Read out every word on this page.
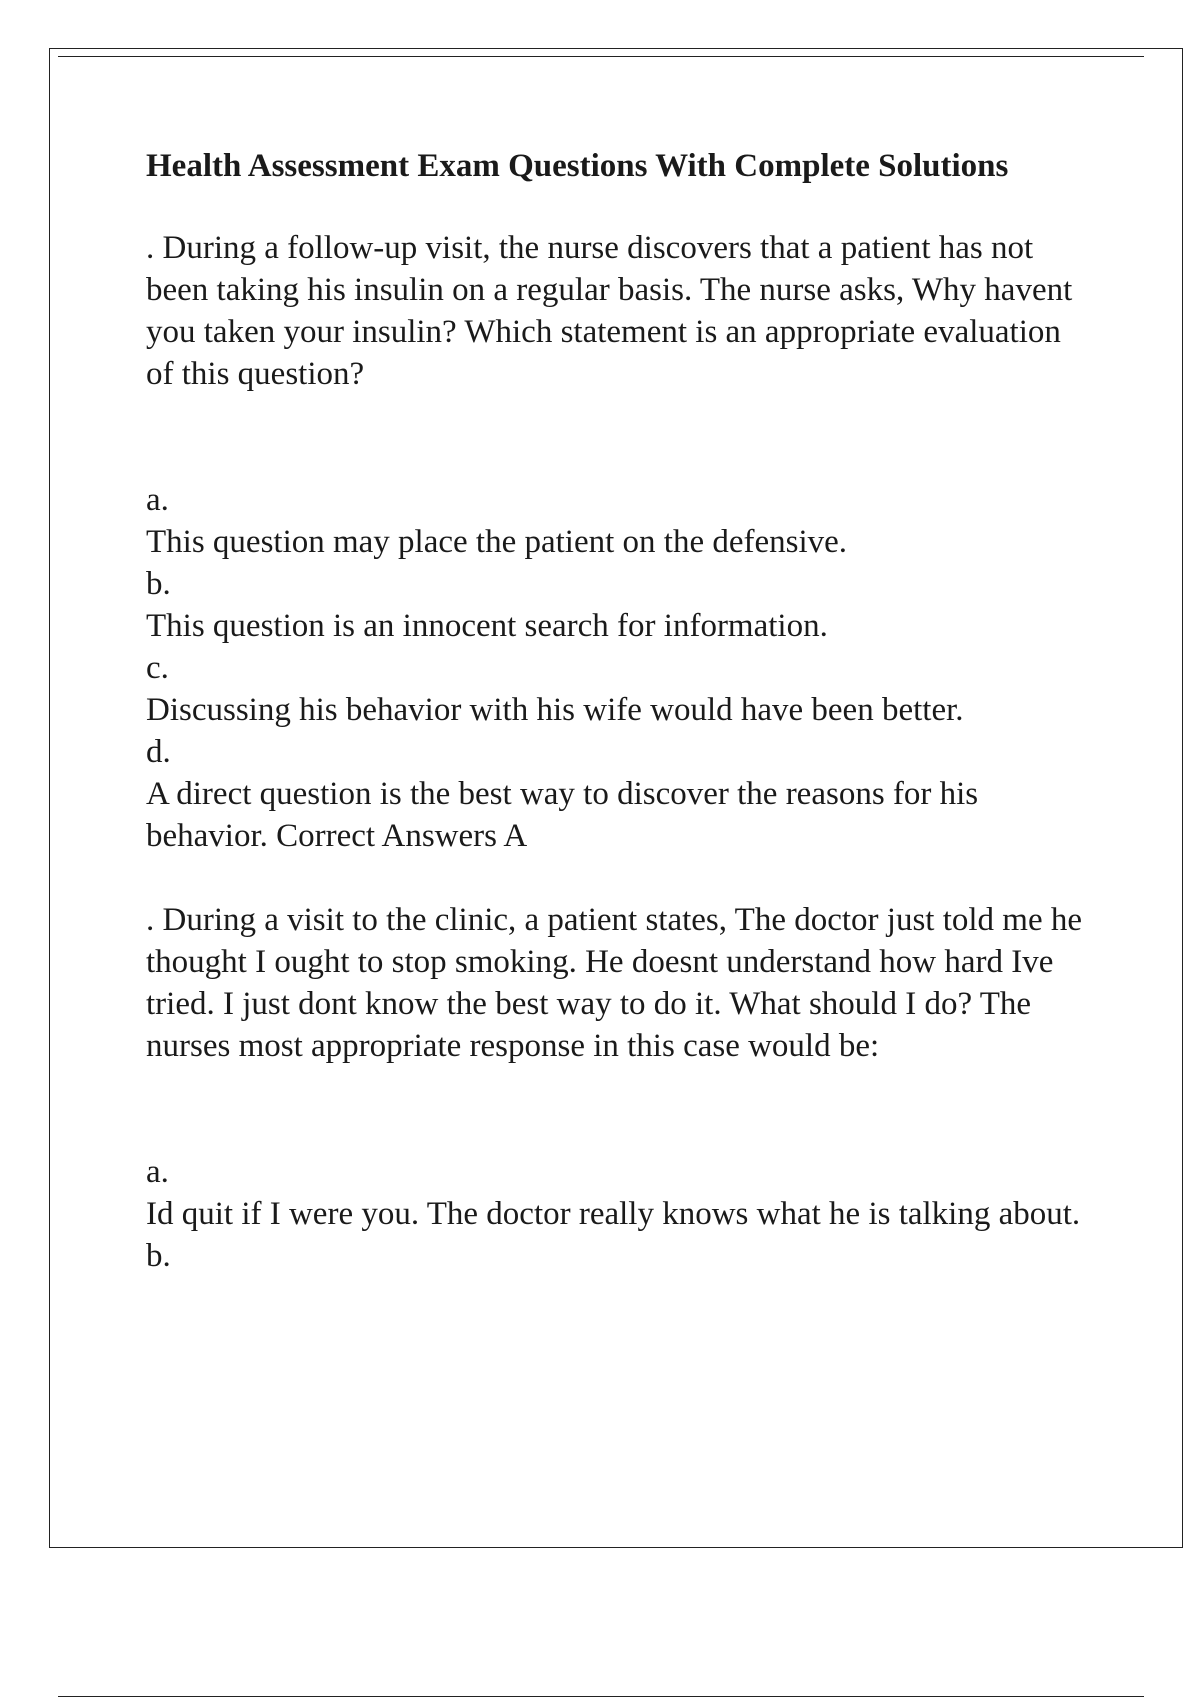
Health Assessment Exam Questions With Complete Solutions
. During a follow-up visit, the nurse discovers that a patient has not been taking his insulin on a regular basis. The nurse asks, Why havent you taken your insulin? Which statement is an appropriate evaluation of this question?
a.
This question may place the patient on the defensive.
b.
This question is an innocent search for information.
c.
Discussing his behavior with his wife would have been better.
d.
A direct question is the best way to discover the reasons for his behavior. Correct Answers A
. During a visit to the clinic, a patient states, The doctor just told me he thought I ought to stop smoking. He doesnt understand how hard Ive tried. I just dont know the best way to do it. What should I do? The nurses most appropriate response in this case would be:
a.
Id quit if I were you. The doctor really knows what he is talking about.
b.
